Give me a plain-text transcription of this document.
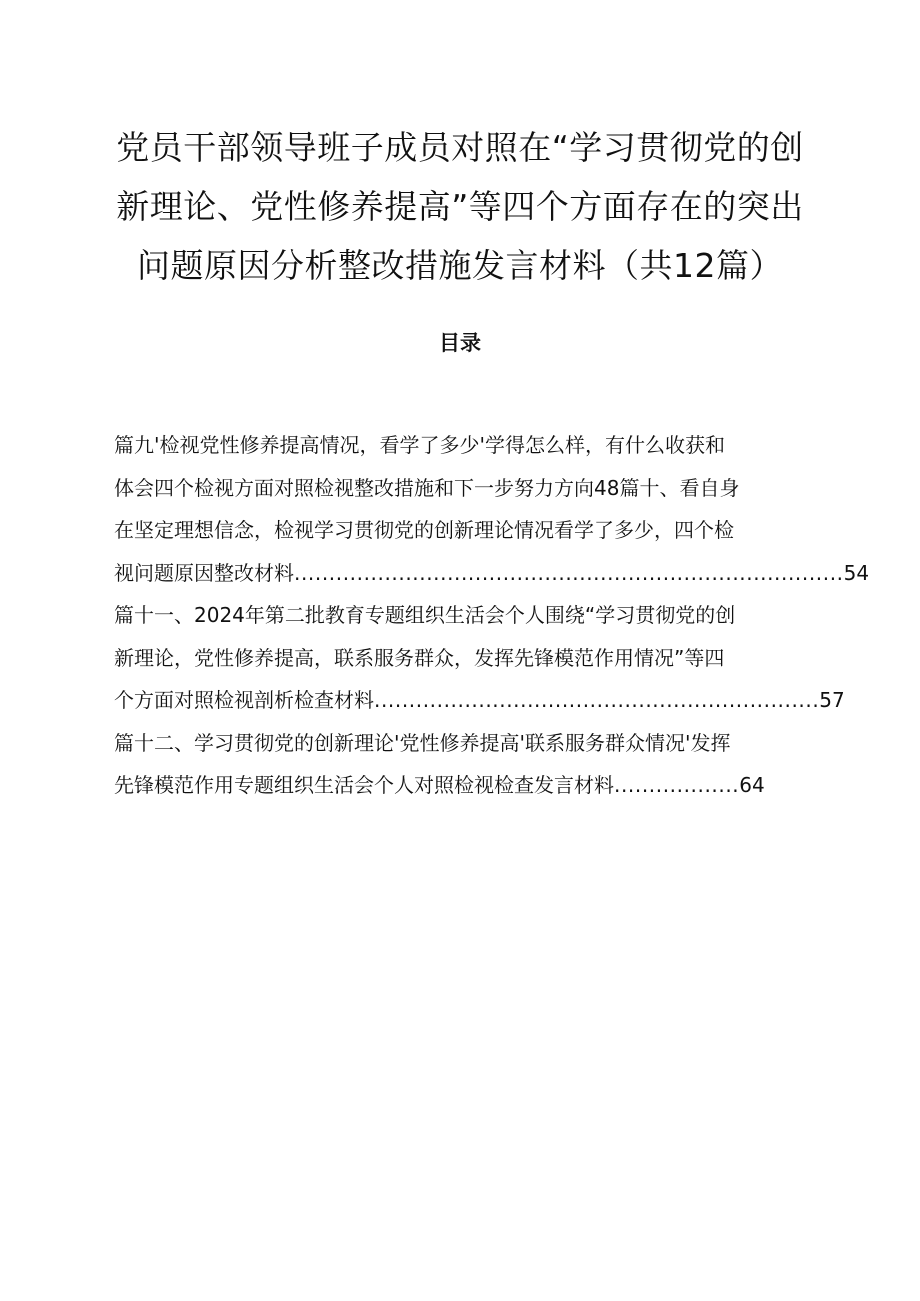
党员干部领导班子成员对照在“学习贯彻党的创
新理论、党性修养提高”等四个方面存在的突出
问题原因分析整改措施发言材料（共12篇）
目录
篇九'检视党性修养提高情况，看学了多少'学得怎么样，有什么收获和
体会四个检视方面对照检视整改措施和下一步努力方向48篇十、看自身
在坚定理想信念，检视学习贯彻党的创新理论情况看学了多少，四个检
视问题原因整改材料...............................................................................54
篇十一、2024年第二批教育专题组织生活会个人围绕“学习贯彻党的创
新理论，党性修养提高，联系服务群众，发挥先锋模范作用情况”等四
个方面对照检视剖析检查材料................................................................57
篇十二、学习贯彻党的创新理论'党性修养提高'联系服务群众情况'发挥
先锋模范作用专题组织生活会个人对照检视检查发言材料..................64
